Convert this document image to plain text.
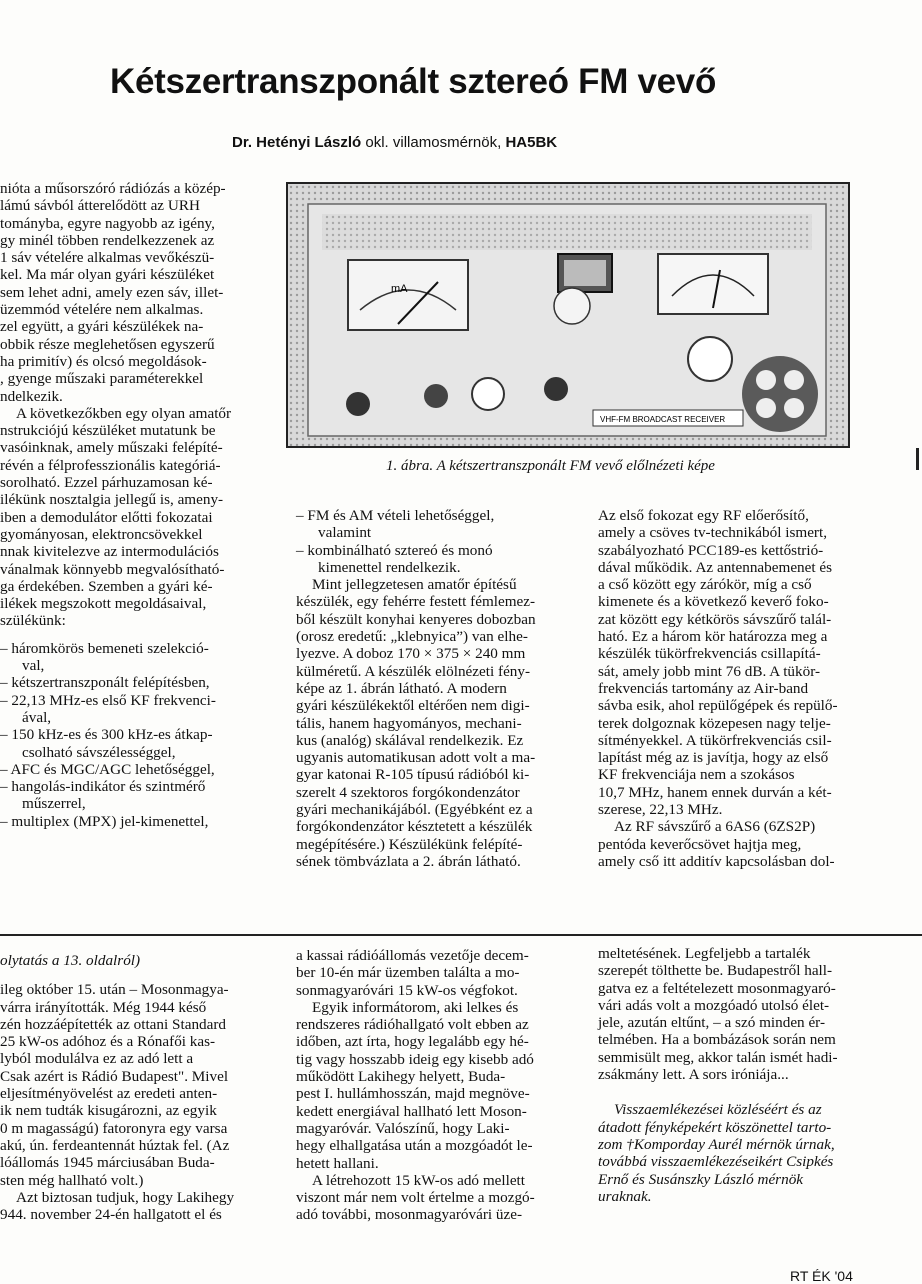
Kétszertranszponált sztereó FM vevő
Dr. Hetényi László okl. villamosmérnök, HA5BK

nióta a műsorszóró rádiózás a közép-
lámú sávból átterelődött az URH
tományba, egyre nagyobb az igény,
gy minél többen rendelkezzenek az
1 sáv vételére alkalmas vevőkészü-
kel. Ma már olyan gyári készüléket
sem lehet adni, amely ezen sáv, illet-
üzemmód vételére nem alkalmas.
zel együtt, a gyári készülékek na-
obbik része meglehetősen egyszerű
ha primitív) és olcsó megoldások-
, gyenge műszaki paraméterekkel
ndelkezik.

A következőkben egy olyan amatőr
nstrukciójú készüléket mutatunk be
vasóinknak, amely műszaki felépíté-
révén a félprofesszionális kategóriá-
sorolható. Ezzel párhuzamosan ké-
ilékünk nosztalgia jellegű is, ameny-
iben a demodulátor előtti fokozatai
gyományosan, elektroncsövekkel
nnak kivitelezve az intermodulációs
vánalmak könnyebb megvalósítható-
ga érdekében. Szemben a gyári ké-
ilékek megszokott megoldásaival,
szülékünk:

– háromkörös bemeneti szelekció-
val,
– kétszertranszponált felépítésben,
– 22,13 MHz-es első KF frekvenci-
ával,
– 150 kHz-es és 300 kHz-es átkap-
csolható sávszélességgel,
– AFC és MGC/AGC lehetőséggel,
– hangolás-indikátor és szintmérő
műszerrel,
– multiplex (MPX) jel-kimenettel,
mA
VHF-FM BROADCAST RECEIVER
1. ábra. A kétszertranszponált FM vevő előlnézeti képe
– FM és AM vételi lehetőséggel,
valamint
– kombinálható sztereó és monó
kimenettel rendelkezik.

Mint jellegzetesen amatőr építésű
készülék, egy fehérre festett fémlemez-
ből készült konyhai kenyeres dobozban
(orosz eredetű: „klebnyica”) van elhe-
lyezve. A doboz 170 × 375 × 240 mm
külméretű. A készülék elölnézeti fény-
képe az 1. ábrán látható. A modern
gyári készülékektől eltérően nem digi-
tális, hanem hagyományos, mechani-
kus (analóg) skálával rendelkezik. Ez
ugyanis automatikusan adott volt a ma-
gyar katonai R-105 típusú rádióból ki-
szerelt 4 szektoros forgókondenzátor
gyári mechanikájából. (Egyébként ez a
forgókondenzátor késztetett a készülék
megépítésére.) Készülékünk felépíté-
sének tömbvázlata a 2. ábrán látható.

Az első fokozat egy RF előerősítő,
amely a csöves tv-technikából ismert,
szabályozható PCC189-es kettőstrió-
dával működik. Az antennabemenet és
a cső között egy zárókör, míg a cső
kimenete és a következő keverő foko-
zat között egy kétkörös sávszűrő talál-
ható. Ez a három kör határozza meg a
készülék tükörfrekvenciás csillapítá-
sát, amely jobb mint 76 dB. A tükör-
frekvenciás tartomány az Air-band
sávba esik, ahol repülőgépek és repülő-
terek dolgoznak közepesen nagy telje-
sítményekkel. A tükörfrekvenciás csil-
lapítást még az is javítja, hogy az első
KF frekvenciája nem a szokásos
10,7 MHz, hanem ennek durván a két-
szerese, 22,13 MHz.

Az RF sávszűrő a 6AS6 (6ZS2P)
pentóda keverőcsövet hajtja meg,
amely cső itt additív kapcsolásban dol-

olytatás a 13. oldalról)

ileg október 15. után – Mosonmagya-
várra irányították. Még 1944 késő
zén hozzáépítették az ottani Standard
25 kW-os adóhoz és a Rónafői kas-
lyból modulálva ez az adó lett a
Csak azért is Rádió Budapest". Mivel
eljesítményövelést az eredeti anten-
ik nem tudták kisugározni, az egyik
0 m magasságú) fatoronyra egy varsa
akú, ún. ferdeantennát húztak fel. (Az
lóállomás 1945 márciusában Buda-
sten még hallható volt.)

Azt biztosan tudjuk, hogy Lakihegy
944. november 24-én hallgatott el és

a kassai rádióállomás vezetője decem-
ber 10-én már üzemben találta a mo-
sonmagyaróvári 15 kW-os végfokot.

Egyik informátorom, aki lelkes és
rendszeres rádióhallgató volt ebben az
időben, azt írta, hogy legalább egy hé-
tig vagy hosszabb ideig egy kisebb adó
működött Lakihegy helyett, Buda-
pest I. hullámhosszán, majd megnöve-
kedett energiával hallható lett Moson-
magyaróvár. Valószínű, hogy Laki-
hegy elhallgatása után a mozgóadót le-
hetett hallani.

A létrehozott 15 kW-os adó mellett
viszont már nem volt értelme a mozgó-
adó további, mosonmagyaróvári üze-

meltetésének. Legfeljebb a tartalék
szerepét tölthette be. Budapestről hall-
gatva ez a feltételezett mosonmagyaró-
vári adás volt a mozgóadó utolsó élet-
jele, azután eltűnt, – a szó minden ér-
telmében. Ha a bombázások során nem
semmisült meg, akkor talán ismét hadi-
zsákmány lett. A sors iróniája...

Visszaemlékezései közléséért és az
átadott fényképekért köszönettel tarto-
zom †Komporday Aurél mérnök úrnak,
továbbá visszaemlékezéseikért Csipkés
Ernő és Susánszky László mérnök
uraknak.

RT ÉK '04
